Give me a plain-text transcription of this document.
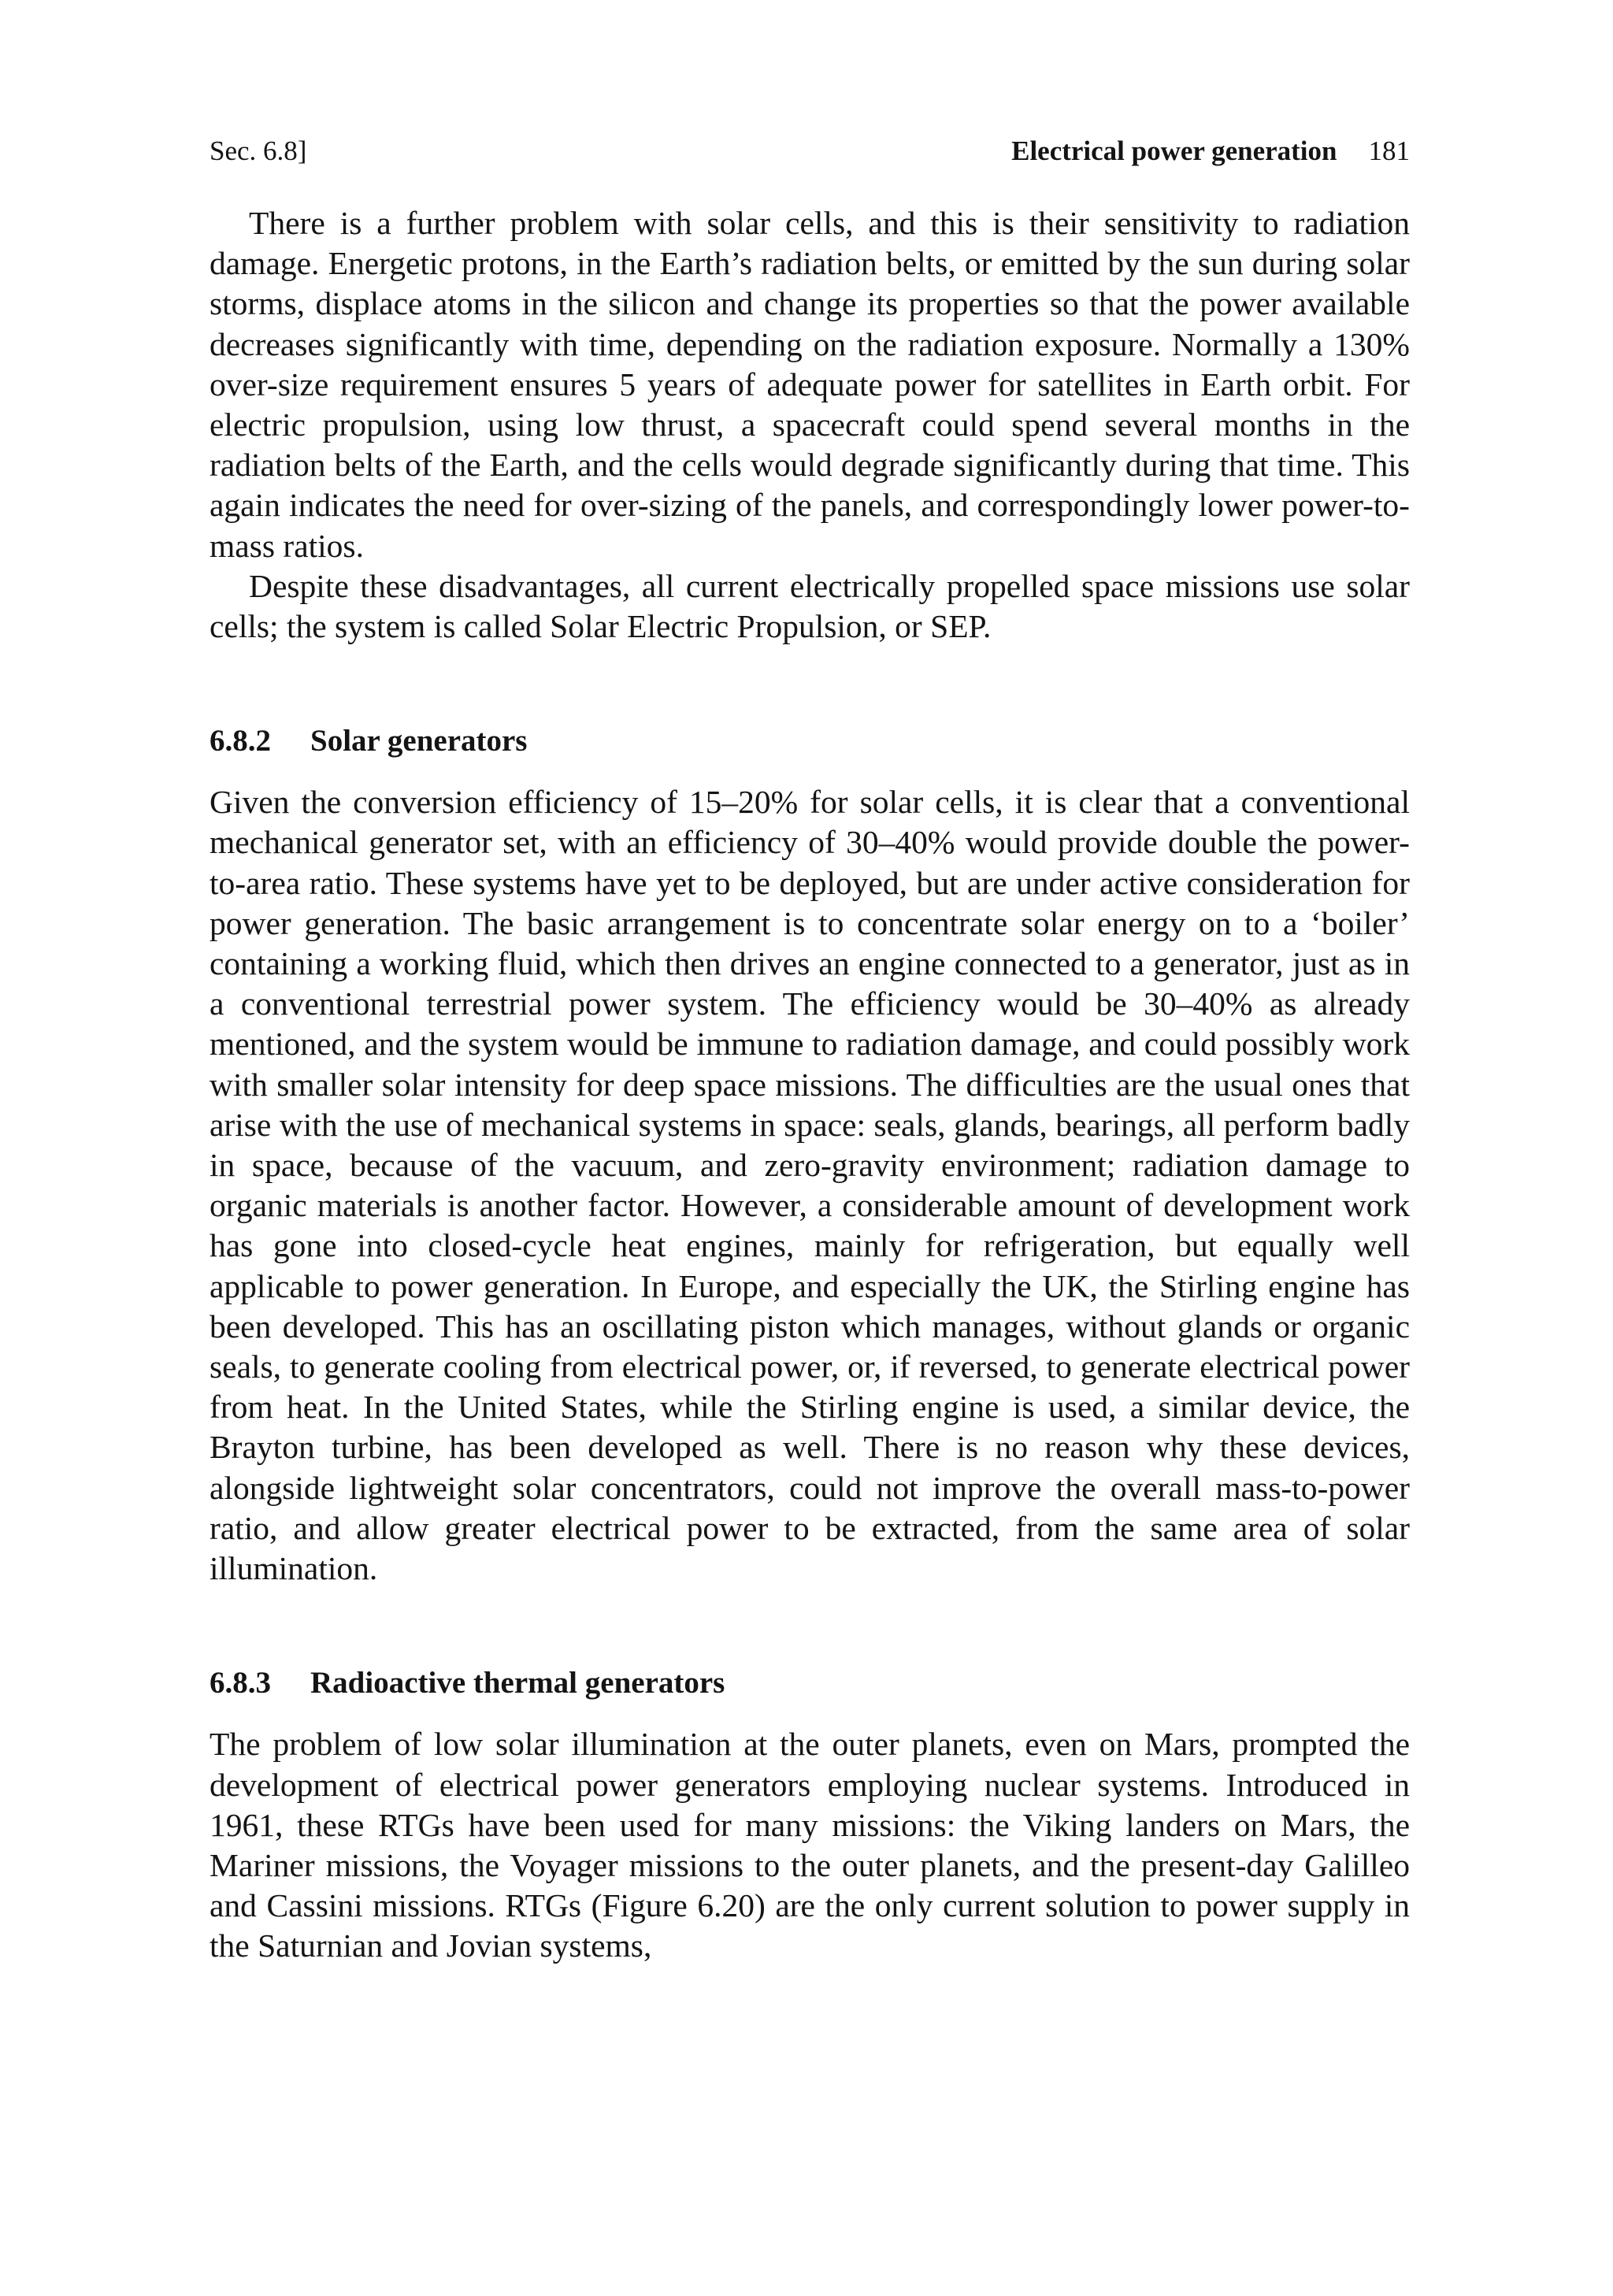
Sec. 6.8]	Electrical power generation 181

There is a further problem with solar cells, and this is their sensitivity to radiation damage. Energetic protons, in the Earth’s radiation belts, or emitted by the sun during solar storms, displace atoms in the silicon and change its properties so that the power available decreases significantly with time, depending on the radiation exposure. Normally a 130% over-size requirement ensures 5 years of adequate power for satellites in Earth orbit. For electric propulsion, using low thrust, a spacecraft could spend several months in the radiation belts of the Earth, and the cells would degrade significantly during that time. This again indicates the need for over-sizing of the panels, and correspondingly lower power-to-mass ratios.

Despite these disadvantages, all current electrically propelled space missions use solar cells; the system is called Solar Electric Propulsion, or SEP.

6.8.2 Solar generators

Given the conversion efficiency of 15–20% for solar cells, it is clear that a conventional mechanical generator set, with an efficiency of 30–40% would provide double the power-to-area ratio. These systems have yet to be deployed, but are under active consideration for power generation. The basic arrangement is to concentrate solar energy on to a ‘boiler’ containing a working fluid, which then drives an engine connected to a generator, just as in a conventional terrestrial power system. The efficiency would be 30–40% as already mentioned, and the system would be immune to radiation damage, and could possibly work with smaller solar intensity for deep space missions. The difficulties are the usual ones that arise with the use of mechanical systems in space: seals, glands, bearings, all perform badly in space, because of the vacuum, and zero-gravity environment; radiation damage to organic materials is another factor. However, a considerable amount of development work has gone into closed-cycle heat engines, mainly for refrigeration, but equally well applicable to power generation. In Europe, and especially the UK, the Stirling engine has been developed. This has an oscillating piston which manages, without glands or organic seals, to generate cooling from electrical power, or, if reversed, to generate electrical power from heat. In the United States, while the Stirling engine is used, a similar device, the Brayton turbine, has been developed as well. There is no reason why these devices, alongside lightweight solar concentrators, could not improve the overall mass-to-power ratio, and allow greater electrical power to be extracted, from the same area of solar illumination.

6.8.3 Radioactive thermal generators

The problem of low solar illumination at the outer planets, even on Mars, prompted the development of electrical power generators employing nuclear systems. Introduced in 1961, these RTGs have been used for many missions: the Viking landers on Mars, the Mariner missions, the Voyager missions to the outer planets, and the present-day Galilleo and Cassini missions. RTGs (Figure 6.20) are the only current solution to power supply in the Saturnian and Jovian systems,
